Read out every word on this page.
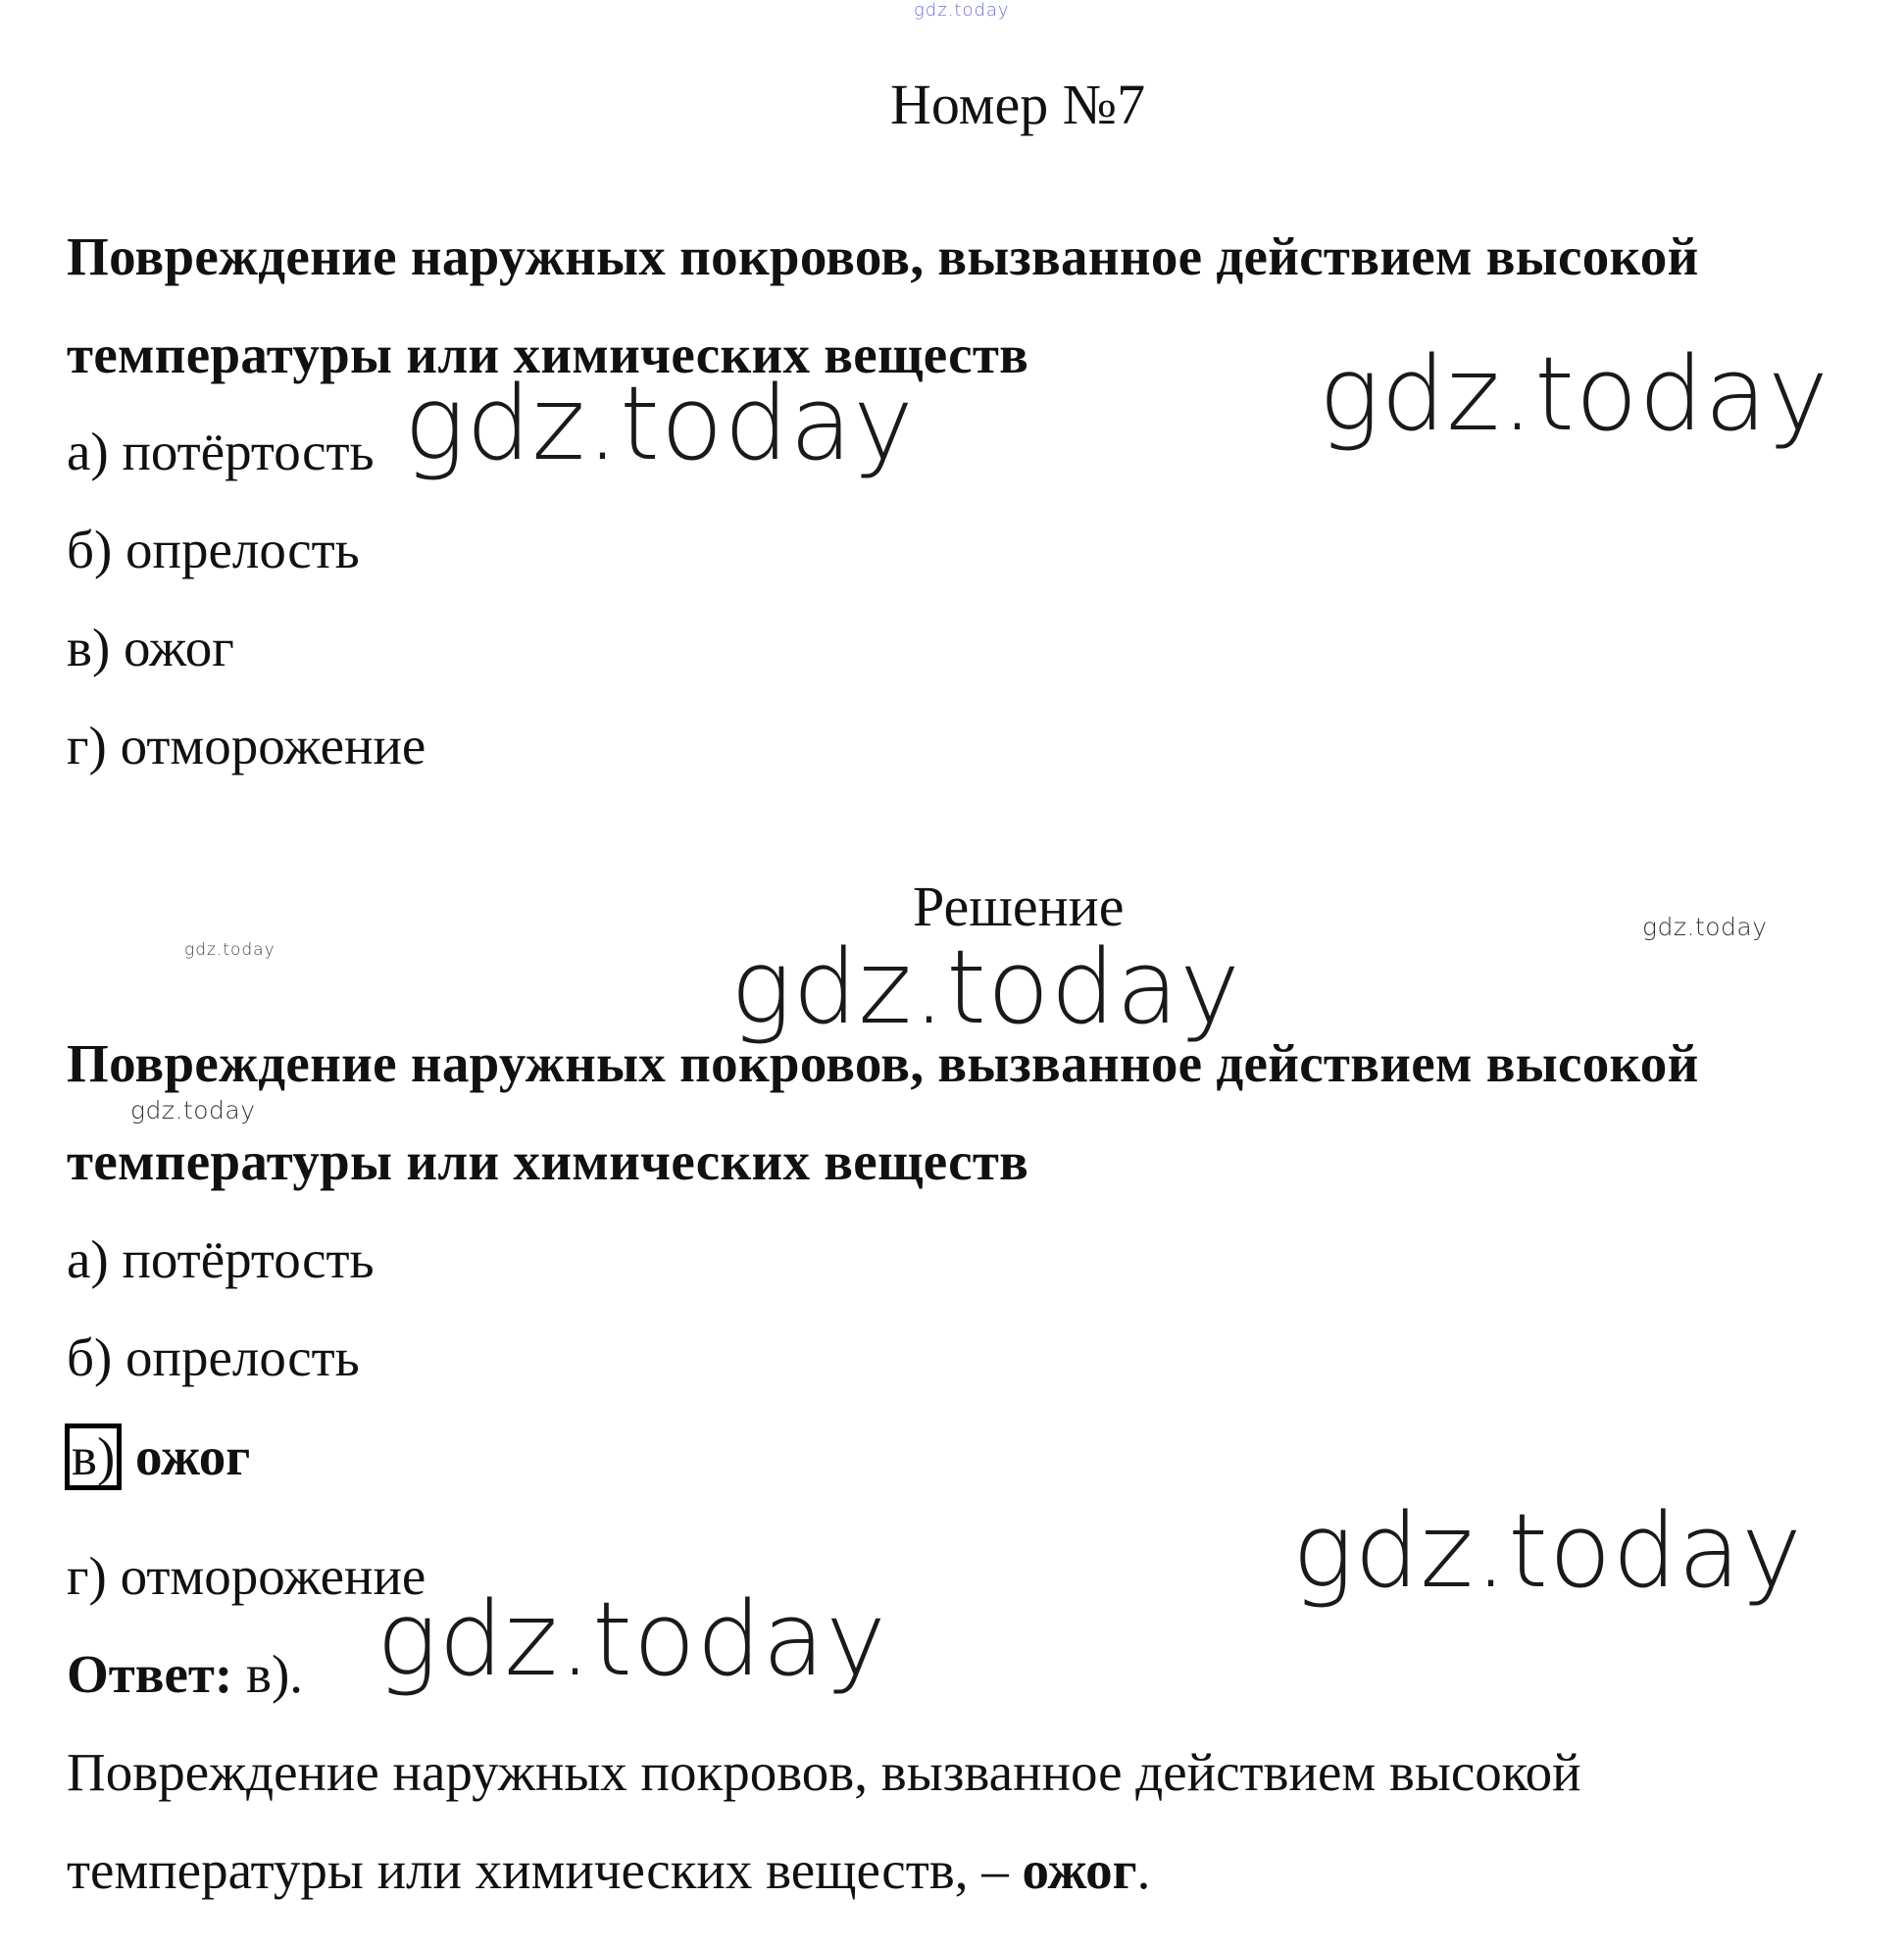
gdz.today
Номер №7
Повреждение наружных покровов, вызванное действием высокой
температуры или химических веществ
а) потёртость
б) опрелость
в) ожог
г) отморожение
gdz.today	gdz.today
Решение	gdz.today
gdz.today	gdz.today
Повреждение наружных покровов, вызванное действием высокой
gdz.today
температуры или химических веществ
а) потёртость
б) опрелость
в) ожог
gdz.today
г) отморожение
gdz.today
Ответ: в).
Повреждение наружных покровов, вызванное действием высокой
температуры или химических веществ, – ожог.
